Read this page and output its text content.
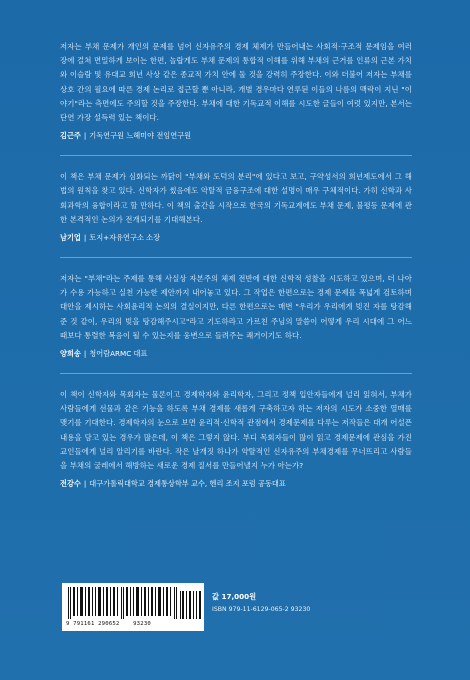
저자는 부채 문제가 개인의 문제를 넘어 신자유주의 경제 체제가 만들어내는 사회적·구조적 문제임을 여러 장에 걸쳐 면밀하게 보이는 한편, 놀랍게도 부채 문제의 통합적 이해를 위해 부채의 근거를 인류의 근본 가치와 이슬람 및 유대교 희년 사상 같은 종교적 가치 안에 둘 것을 강력히 주장한다. 이와 더불어 저자는 부채를 상호 간의 필요에 따른 경제 논리로 접근할 뿐 아니라, 개별 경우마다 연루된 이들의 나름의 맥락이 지닌 "이야기"라는 측면에도 주의할 것을 주장한다. 부채에 대한 기독교적 이해를 시도한 글들이 여럿 있지만, 본서는 단연 가장 설득력 있는 책이다.

김근주 | 기독연구원 느헤미야 전임연구원

이 책은 부채 문제가 심화되는 까닭이 "부채와 도덕의 분리"에 있다고 보고, 구약성서의 희년제도에서 그 해법의 원칙을 찾고 있다. 신학자가 썼음에도 악탈적 금융구조에 대한 설명이 매우 구체적이다. 가히 신학과 사회과학의 융합이라고 할 만하다. 이 책의 출간을 시작으로 한국의 기독교계에도 부채 문제, 불평등 문제에 관한 본격적인 논의가 전개되기를 기대해본다.

남기업 | 토지+자유연구소 소장

저자는 "부채"라는 주제를 통해 사실상 자본주의 체제 전반에 대한 신학적 성찰을 시도하고 있으며, 더 나아가 수용 가능하고 실천 가능한 제안까지 내어놓고 있다. 그 작업은 한편으로는 경제 문제를 폭넓게 검토하며 대안을 제시하는 사회윤리적 논의의 결실이지만, 다른 한편으로는 매번 "우리가 우리에게 빚진 자를 탕감해준 것 같이, 우리의 빚을 탕감해주시고"라고 기도하라고 가르친 주님의 말씀이 어떻게 우리 시대에 그 어느 때보다 통렬한 복음이 될 수 있는지를 웅변으로 들려주는 쾌거이기도 하다.

양희송 | 청어람ARMC 대표

이 책이 신학자와 목회자는 물론이고 경제학자와 윤리학자, 그리고 정책 입안자들에게 널리 읽혀서, 부채가 사람들에게 선물과 같은 기능을 하도록 부채 경제를 새롭게 구축하고자 하는 저자의 시도가 소중한 열매를 맺기를 기대한다. 경제학자의 눈으로 보면 윤리적·신학적 관점에서 경제문제를 다루는 저작들은 대개 어설픈 내용을 담고 있는 경우가 많은데, 이 책은 그렇지 않다. 부디 목회자들이 많이 읽고 경제문제에 관심을 가진 교인들에게 널리 알리기를 바란다. 작은 날개짓 하나가 약탈적인 신자유주의 부채경제를 무너뜨리고 사람들을 부채의 굴레에서 해방하는 새로운 경제 질서를 만들어낼지 누가 아는가?

전강수 | 대구가톨릭대학교 경제통상학부 교수, 헨리 조지 포럼 공동대표
9 791161 290652 93230
값 17,000원
ISBN 979-11-6129-065-2 93230
